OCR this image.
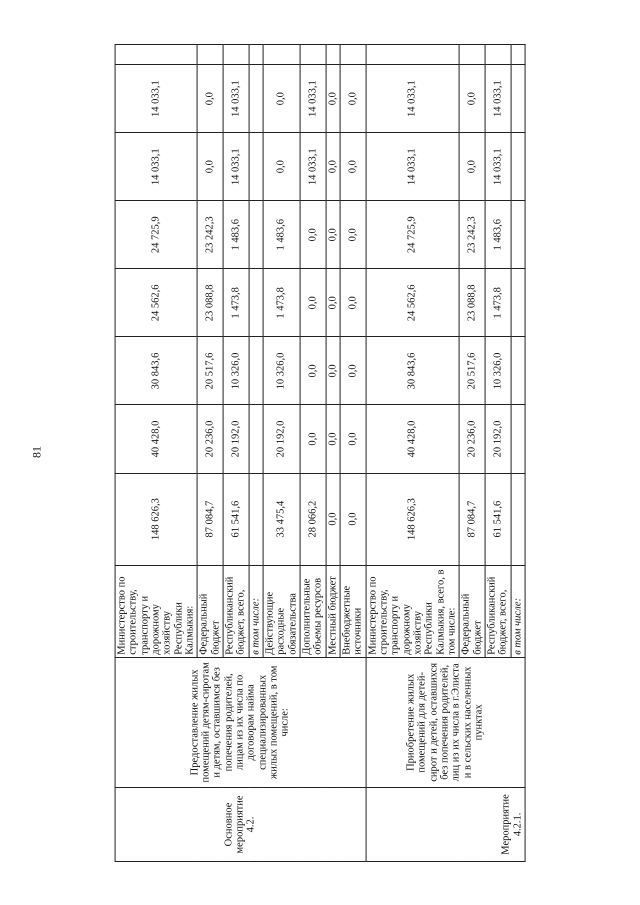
81
Основное мероприятие 4.2.	Предоставление жилых помещений детям-сиротам и детям, оставшимся без попечения родителей, лицам из их числа по договорам найма специализированных жилых помещений, в том числе:	Министерство по строительству, транспорту и дорожному хозяйству Республики Калмыкия:	148 626,3	40 428,0	30 843,6	24 562,6	24 725,9	14 033,1	14 033,1	
		Федеральный бюджет	87 084,7	20 236,0	20 517,6	23 088,8	23 242,3	0,0	0,0	
		Республиканский бюджет, всего,	61 541,6	20 192,0	10 326,0	1 473,8	1 483,6	14 033,1	14 033,1	
		в том числе:								
		Действующие расходные обязательства	33 475,4	20 192,0	10 326,0	1 473,8	1 483,6	0,0	0,0	
		Дополнительные объемы ресурсов	28 066,2	0,0	0,0	0,0	0,0	14 033,1	14 033,1	
		Местный бюджет	0,0	0,0	0,0	0,0	0,0	0,0	0,0	
		Внебюджетные источники	0,0	0,0	0,0	0,0	0,0	0,0	0,0	
Мероприятие 4.2.1.	Приобретение жилых помещений для детей-сирот и детей, оставшихся без попечения родителей, лиц из их числа в г.Элиста и в сельских населенных пунктах	Министерство по строительству, транспорту и дорожному хозяйству Республики Калмыкия, всего, в том числе:	148 626,3	40 428,0	30 843,6	24 562,6	24 725,9	14 033,1	14 033,1	
		Федеральный бюджет	87 084,7	20 236,0	20 517,6	23 088,8	23 242,3	0,0	0,0	
		Республиканский бюджет, всего,	61 541,6	20 192,0	10 326,0	1 473,8	1 483,6	14 033,1	14 033,1	
		в том числе:								
